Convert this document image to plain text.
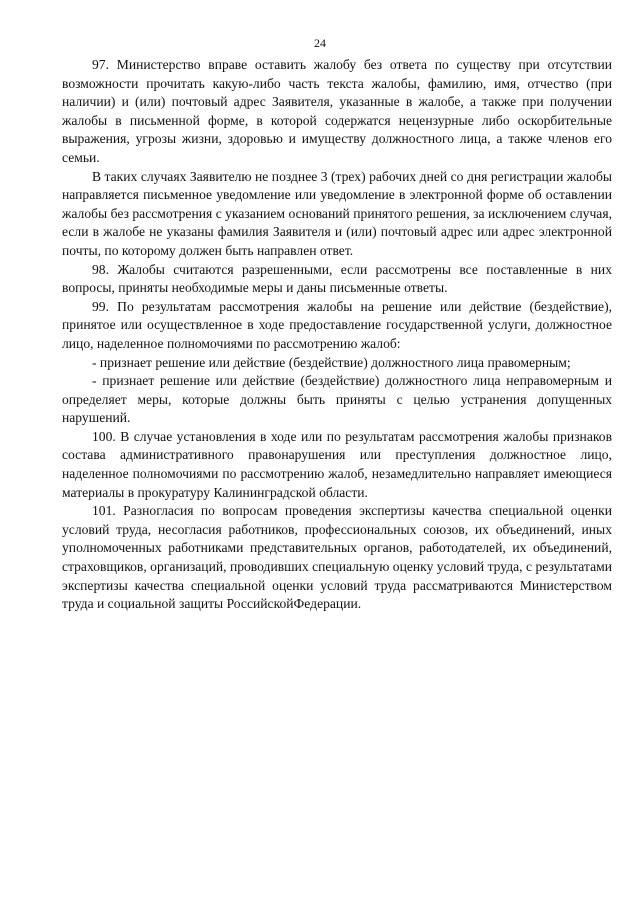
24

97. Министерство вправе оставить жалобу без ответа по существу при отсутствии возможности прочитать какую-либо часть текста жалобы, фамилию, имя, отчество (при наличии) и (или) почтовый адрес Заявителя, указанные в жалобе, а также при получении жалобы в письменной форме, в которой содержатся нецензурные либо оскорбительные выражения, угрозы жизни, здоровью и имуществу должностного лица, а также членов его семьи.

В таких случаях Заявителю не позднее 3 (трех) рабочих дней со дня регистрации жалобы направляется письменное уведомление или уведомление в электронной форме об оставлении жалобы без рассмотрения с указанием оснований принятого решения, за исключением случая, если в жалобе не указаны фамилия Заявителя и (или) почтовый адрес или адрес электронной почты, по которому должен быть направлен ответ.

98. Жалобы считаются разрешенными, если рассмотрены все поставленные в них вопросы, приняты необходимые меры и даны письменные ответы.

99. По результатам рассмотрения жалобы на решение или действие (бездействие), принятое или осуществленное в ходе предоставление государственной услуги, должностное лицо, наделенное полномочиями по рассмотрению жалоб:

- признает решение или действие (бездействие) должностного лица правомерным;

- признает решение или действие (бездействие) должностного лица неправомерным и определяет меры, которые должны быть приняты с целью устранения допущенных нарушений.

100. В случае установления в ходе или по результатам рассмотрения жалобы признаков состава административного правонарушения или преступления должностное лицо, наделенное полномочиями по рассмотрению жалоб, незамедлительно направляет имеющиеся материалы в прокуратуру Калининградской области.

101. Разногласия по вопросам проведения экспертизы качества специальной оценки условий труда, несогласия работников, профессиональных союзов, их объединений, иных уполномоченных работниками представительных органов, работодателей, их объединений, страховщиков, организаций, проводивших специальную оценку условий труда, с результатами экспертизы качества специальной оценки условий труда рассматриваются Министерством труда и социальной защиты РоссийскойФедерации.
